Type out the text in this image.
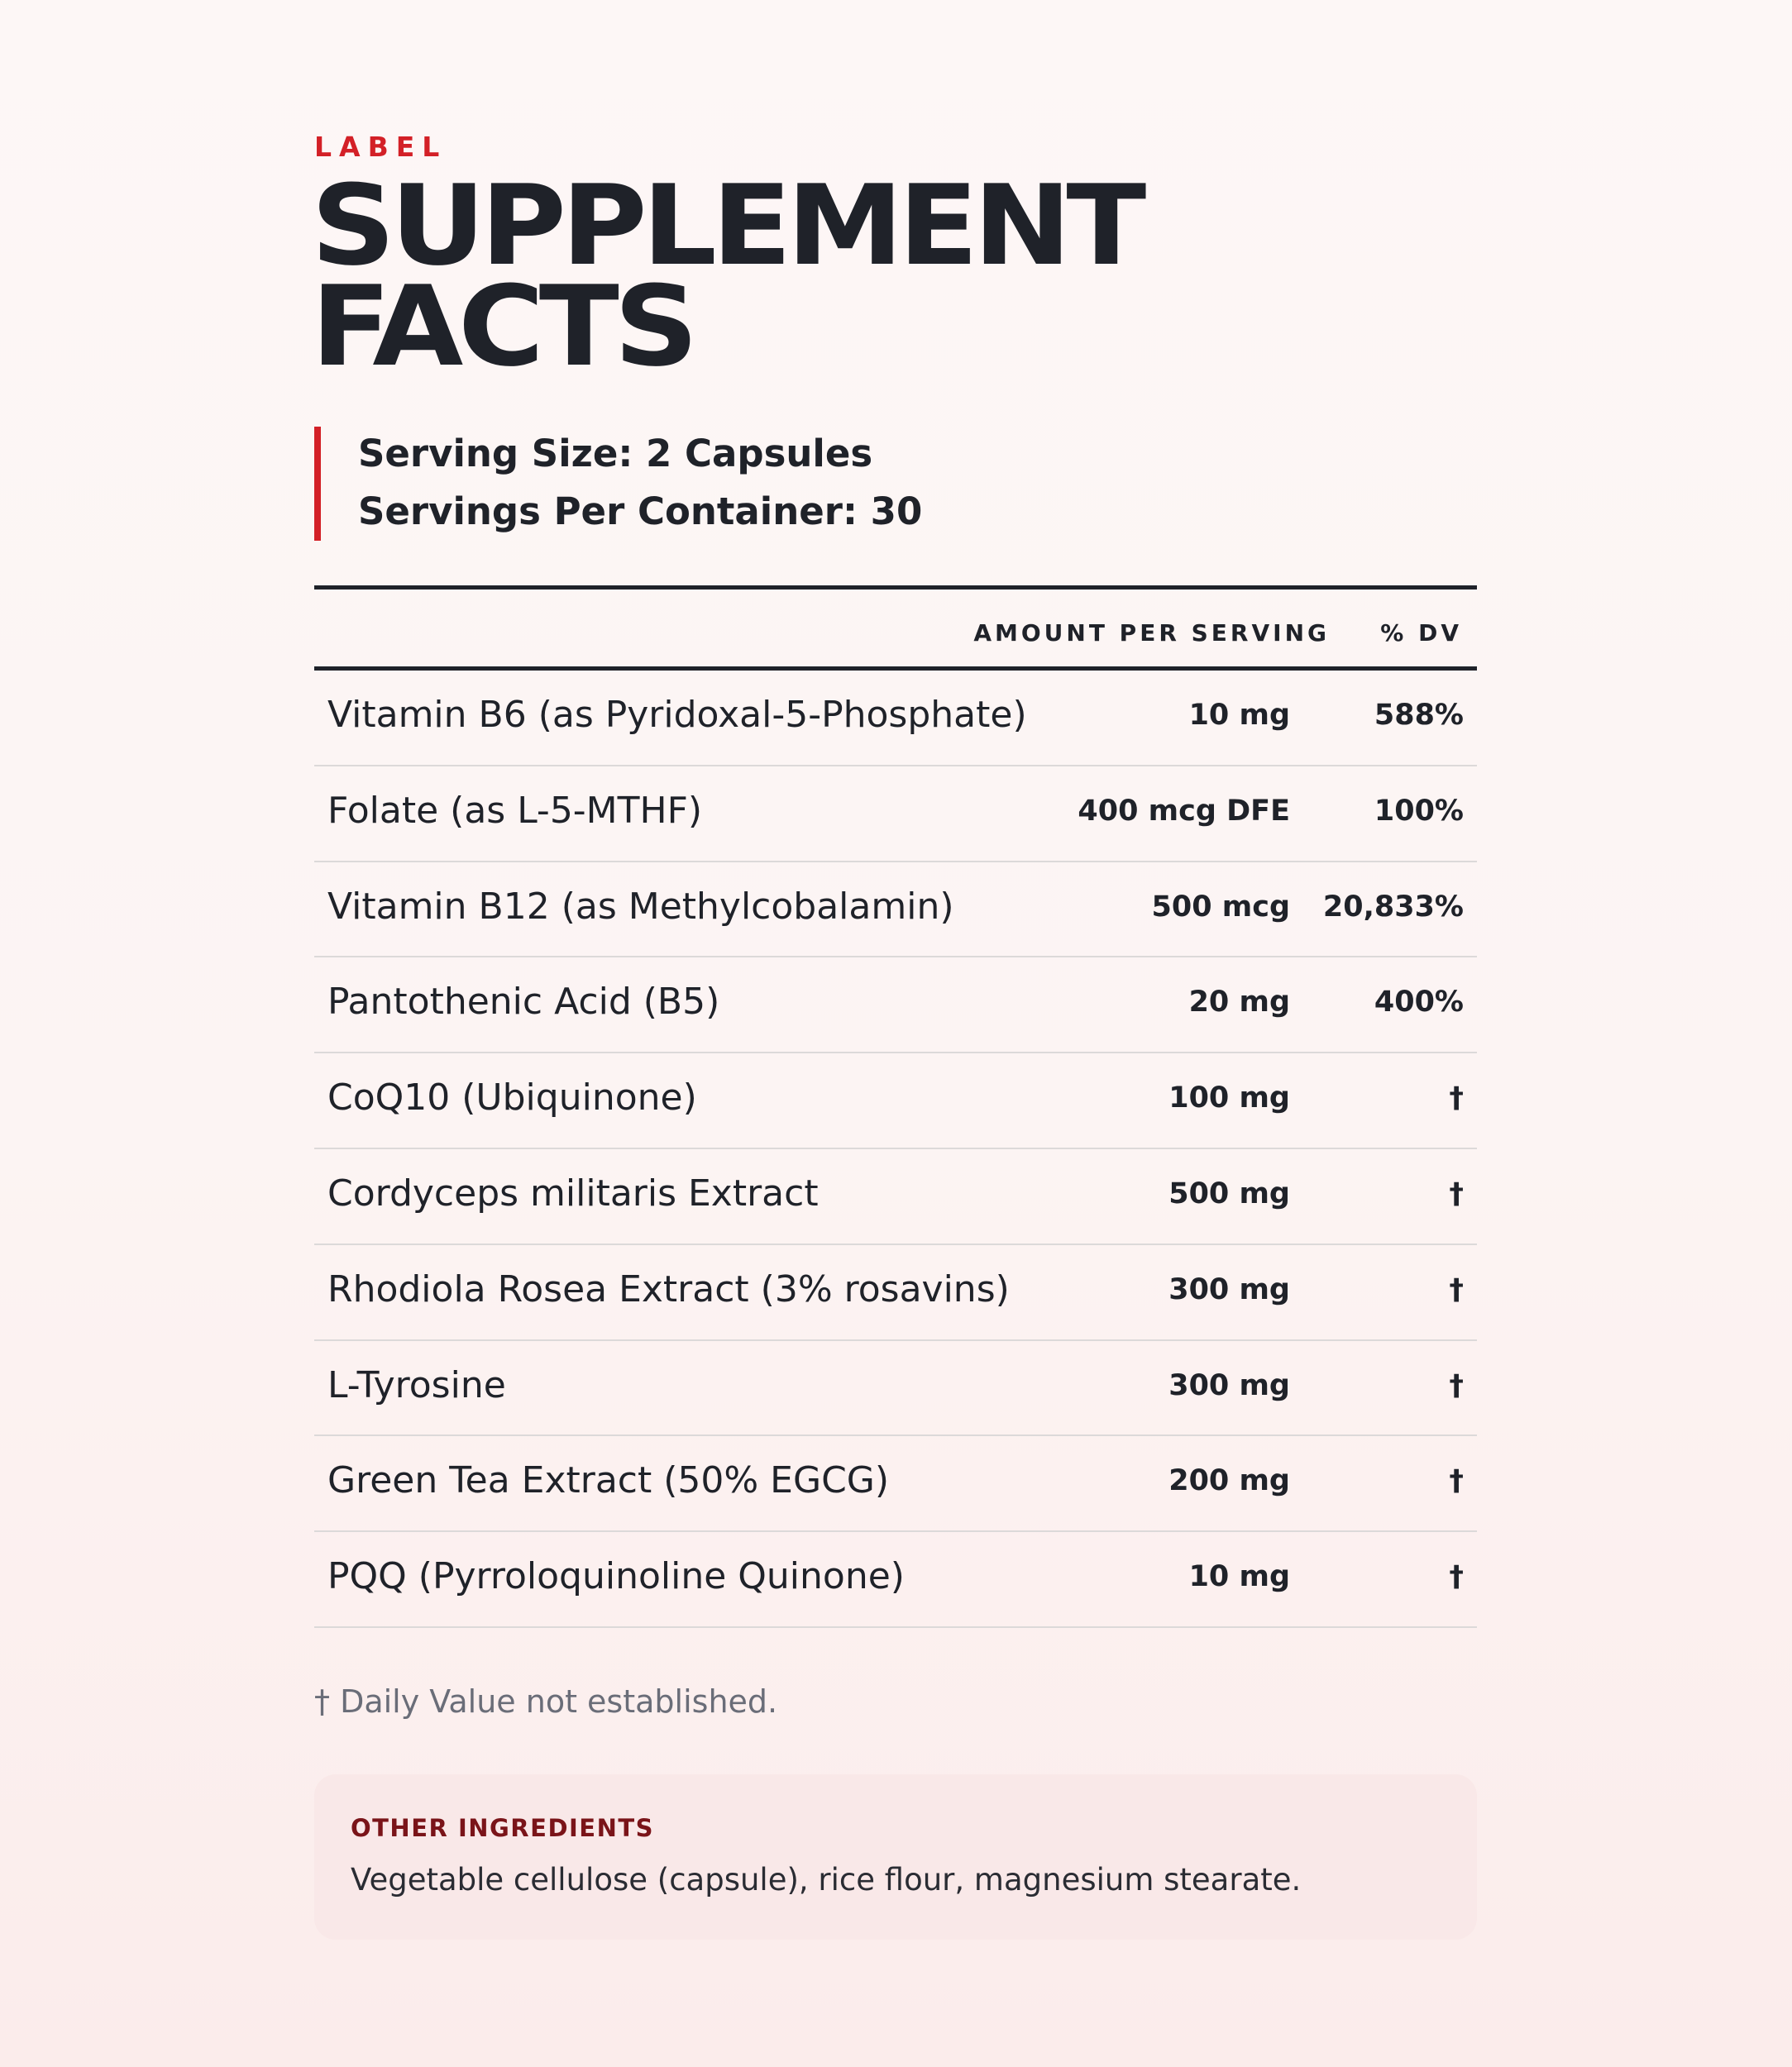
LABEL
SUPPLEMENT
FACTS
Serving Size: 2 Capsules
Servings Per Container: 30
AMOUNT PER SERVING % DV
Vitamin B6 (as Pyridoxal-5-Phosphate)	10 mg	588%
Folate (as L-5-MTHF)	400 mcg DFE	100%
Vitamin B12 (as Methylcobalamin)	500 mcg 20,833%
Pantothenic Acid (B5)	20 mg	400%
CoQ10 (Ubiquinone)	100 mg	†
Cordyceps militaris Extract	500 mg	†
Rhodiola Rosea Extract (3% rosavins)	300 mg	†
L-Tyrosine	300 mg	†
Green Tea Extract (50% EGCG)	200 mg	†
PQQ (Pyrroloquinoline Quinone)	10 mg	†
† Daily Value not established.
OTHER INGREDIENTS
Vegetable cellulose (capsule), rice flour, magnesium stearate.
